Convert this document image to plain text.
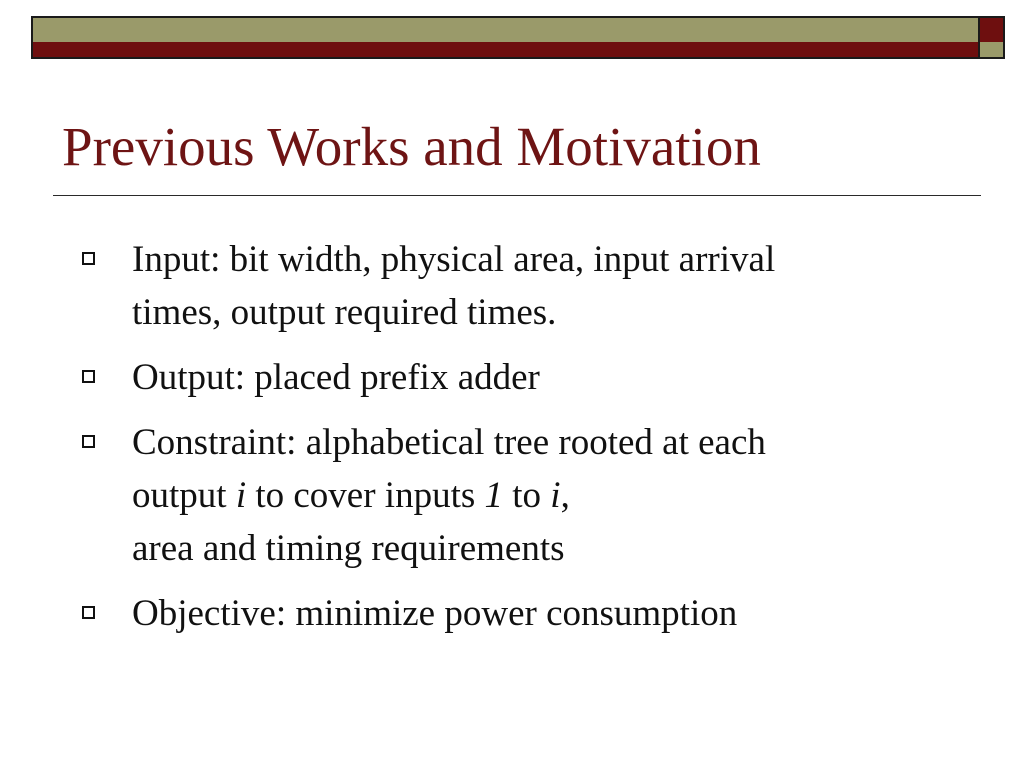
Previous Works and Motivation
Input: bit width, physical area, input arrival
times, output required times.
Output: placed prefix adder
Constraint: alphabetical tree rooted at each
output i to cover inputs 1 to i,
area and timing requirements
Objective: minimize power consumption
